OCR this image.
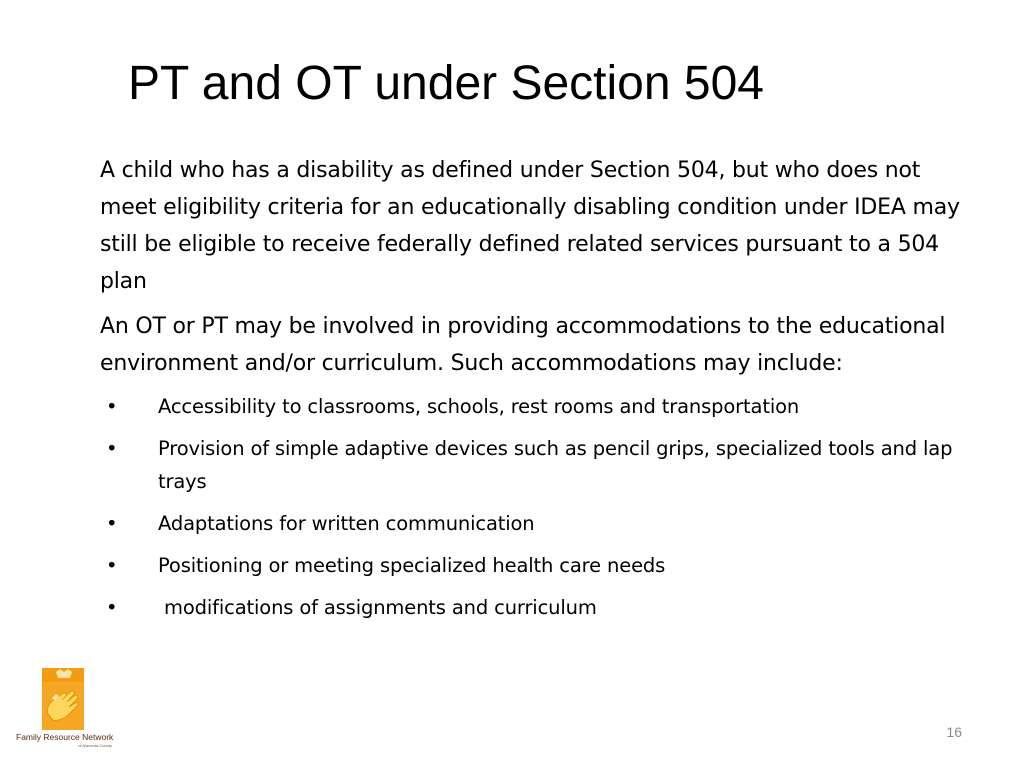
PT and OT under Section 504

A child who has a disability as defined under Section 504, but who does not meet eligibility criteria for an educationally disabling condition under IDEA may still be eligible to receive federally defined related services pursuant to a 504 plan

An OT or PT may be involved in providing accommodations to the educational environment and/or curriculum. Such accommodations may include:

• Accessibility to classrooms, schools, rest rooms and transportation
• Provision of simple adaptive devices such as pencil grips, specialized tools and lap trays
• Adaptations for written communication
• Positioning or meeting specialized health care needs
• modifications of assignments and curriculum
Family Resource Network
of Alameda County
16
